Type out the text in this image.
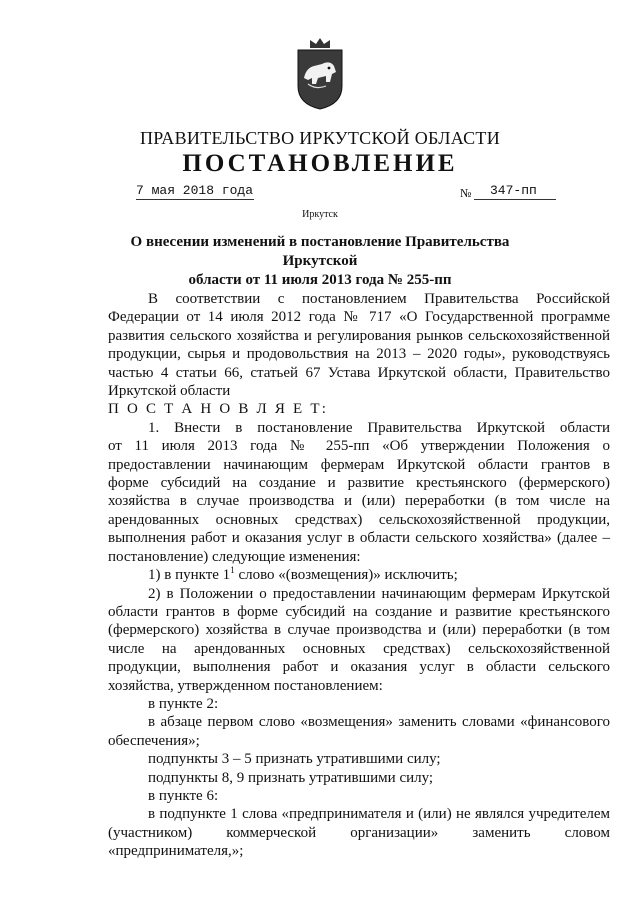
ПРАВИТЕЛЬСТВО ИРКУТСКОЙ ОБЛАСТИ
ПОСТАНОВЛЕНИЕ
7 мая 2018 года	№	347-пп
Иркутск
О внесении изменений в постановление Правительства Иркутской
области от 11 июля 2013 года № 255-пп

В соответствии с постановлением Правительства Российской

Федерации от 14 июля 2012 года № 717 «О Государственной программе

развития сельского хозяйства и регулирования рынков сельскохозяйственной

продукции, сырья и продовольствия на 2013 – 2020 годы», руководствуясь

частью 4 статьи 66, статьей 67 Устава Иркутской области, Правительство

Иркутской области

П О С Т А Н О В Л Я Е Т:

1. Внести в постановление Правительства Иркутской области

от 11 июля 2013 года № 255-пп «Об утверждении Положения о

предоставлении начинающим фермерам Иркутской области грантов в

форме субсидий на создание и развитие крестьянского (фермерского)

хозяйства в случае производства и (или) переработки (в том числе на

арендованных основных средствах) сельскохозяйственной продукции,

выполнения работ и оказания услуг в области сельского хозяйства» (далее –

постановление) следующие изменения:

1) в пункте $1^1$ слово «(возмещения)» исключить;

2) в Положении о предоставлении начинающим фермерам Иркутской

области грантов в форме субсидий на создание и развитие крестьянского

(фермерского) хозяйства в случае производства и (или) переработки (в том

числе на арендованных основных средствах) сельскохозяйственной

продукции, выполнения работ и оказания услуг в области сельского

хозяйства, утвержденном постановлением:

в пункте 2:

в абзаце первом слово «возмещения» заменить словами «финансового

обеспечения»;

подпункты 3 – 5 признать утратившими силу;

подпункты 8, 9 признать утратившими силу;

в пункте 6:

в подпункте 1 слова «предпринимателя и (или) не являлся учредителем

(участником) коммерческой организации» заменить словом

«предпринимателя,»;
